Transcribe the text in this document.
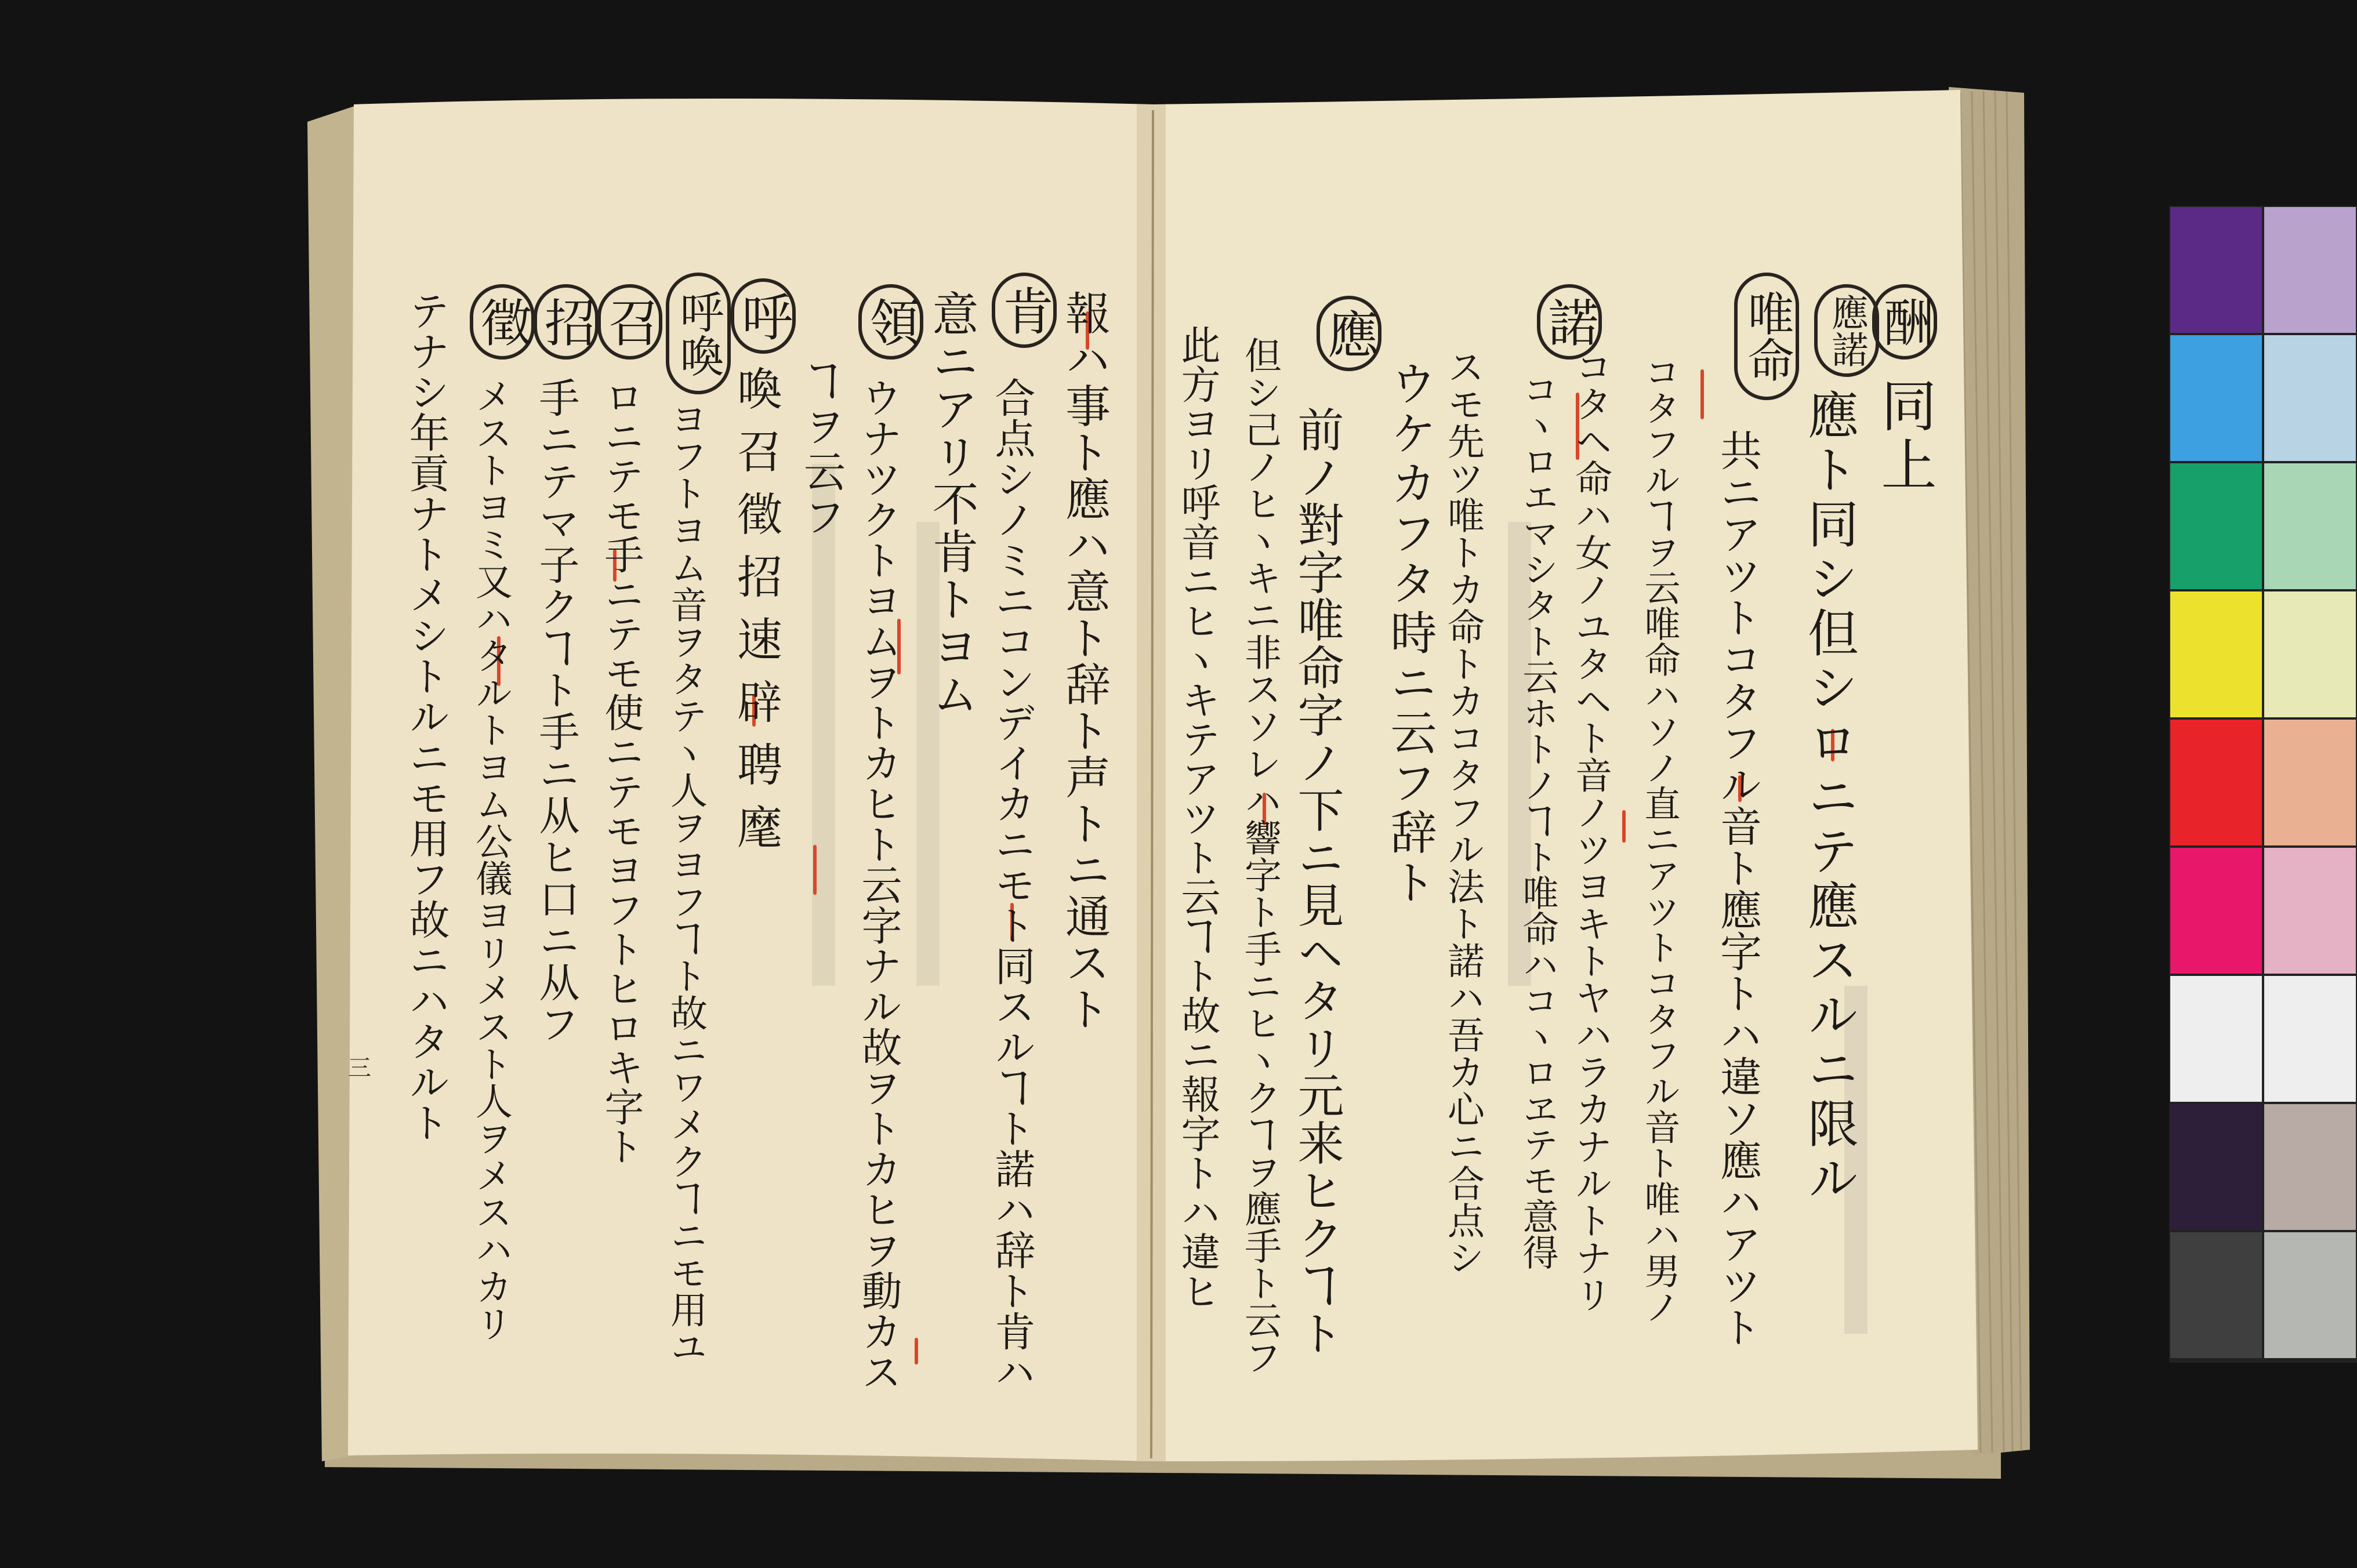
酬
同上
應諾
唯命
諾
應
應ト同シ但シロニテ應スルニ限ル
共ニアツトコタフル音ト應字トハ違ソ應ハアツト
コタフルヿヲ云唯命ハソノ直ニアツトコタフル音ト唯ハ男ノ
コタヘ命ハ女ノユタヘト音ノツヨキトヤハラカナルトナリ
コヽロエマシタト云ホトノヿト唯命ハコヽロヱテモ意得
スモ先ツ唯トカ命トカコタフル法ト諾ハ吾カ心ニ合点シ
ウケカフタ時ニ云フ辞ト
前ノ對字唯命字ノ下ニ見ヘタリ元来ヒクヿト
但シ己ノヒヽキニ非スソレハ響字ト手ニヒヽクヿヲ應手ト云フ
此方ヨリ呼音ニヒヽキテアツト云ヿト故ニ報字トハ違ヒ
報ハ事ト應ハ意ト辞ト声トニ通スト
肯
合点シノミニコンデイカニモト同スルヿト諾ハ辞ト肯ハ
意ニアリ不肯トヨム
領
ウナツクトヨムヲトカヒト云字ナル故ヲトカヒヲ動カス
ヿヲ云フ
呼
喚召徵招速辟聘麾
呼喚
ヨフトヨム音ヲタテヽ人ヲヨフヿト故ニワメクヿニモ用ユ
召
ロニテモ手ニテモ使ニテモヨフトヒロキ字ト
招
手ニテマ子クヿト手ニ从ヒ口ニ从フ
徵
メストヨミ又ハタルトヨム公儀ヨリメスト人ヲメスハカリ
テナシ年貢ナトメシトルニモ用フ故ニハタルト
三
